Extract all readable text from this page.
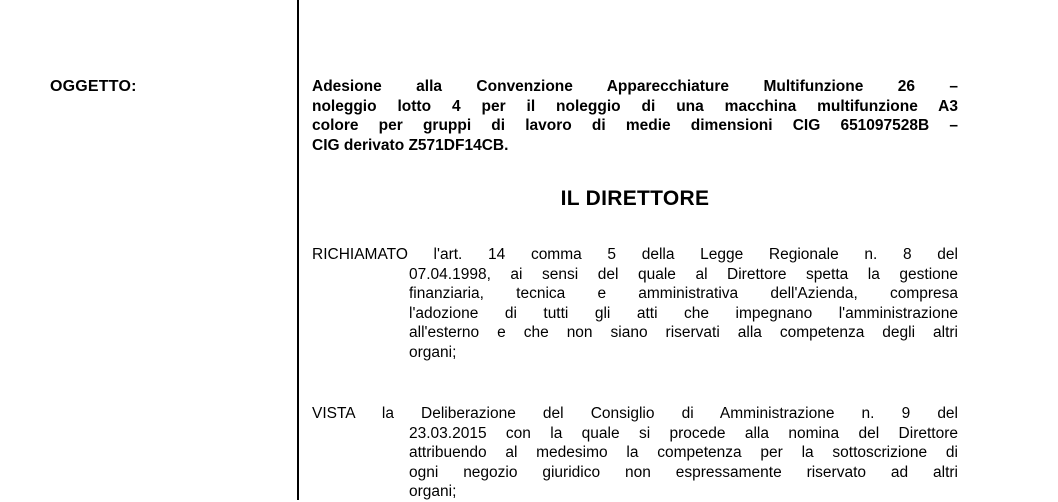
OGGETTO:	Adesione alla Convenzione Apparecchiature Multifunzione 26 –
noleggio lotto 4 per il noleggio di una macchina multifunzione A3
colore per gruppi di lavoro di medie dimensioni CIG 651097528B –
CIG derivato Z571DF14CB.
IL DIRETTORE
RICHIAMATO l'art. 14 comma 5 della Legge Regionale n. 8 del
07.04.1998, ai sensi del quale al Direttore spetta la gestione
finanziaria, tecnica e amministrativa dell'Azienda, compresa
l'adozione di tutti gli atti che impegnano l'amministrazione
all'esterno e che non siano riservati alla competenza degli altri
organi;
VISTA la Deliberazione del Consiglio di Amministrazione n. 9 del
23.03.2015 con la quale si procede alla nomina del Direttore
attribuendo al medesimo la competenza per la sottoscrizione di
ogni negozio giuridico non espressamente riservato ad altri
organi;
